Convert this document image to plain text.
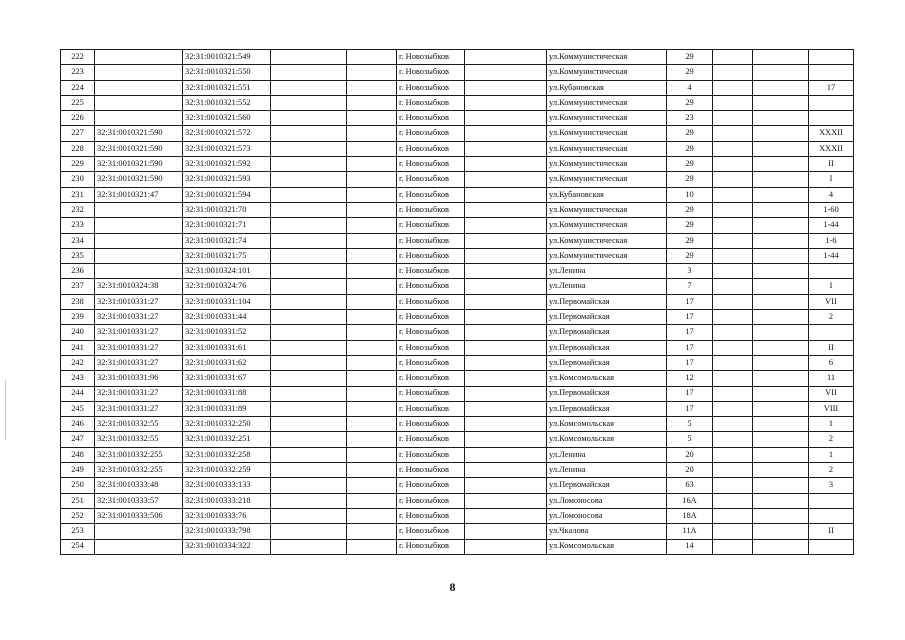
222		32:31:0010321:549			г. Новозыбков		ул.Коммунистическая	29			
223		32:31:0010321:550			г. Новозыбков		ул.Коммунистическая	29			
224		32:31:0010321:551			г. Новозыбков		ул.Кубановская	4			17
225		32:31:0010321:552			г. Новозыбков		ул.Коммунистическая	29			
226		32:31:0010321:560			г. Новозыбков		ул.Коммунистическая	23			
227	32:31:0010321:590	32:31:0010321:572			г. Новозыбков		ул.Коммунистическая	29			XXXII
228	32:31:0010321:590	32:31:0010321:573			г. Новозыбков		ул.Коммунистическая	29			XXXII
229	32:31:0010321:590	32:31:0010321:592			г. Новозыбков		ул.Коммунистическая	29			II
230	32:31:0010321:590	32:31:0010321:593			г. Новозыбков		ул.Коммунистическая	29			I
231	32:31:0010321:47	32:31:0010321:594			г. Новозыбков		ул.Кубановская	10			4
232		32:31:0010321:70			г. Новозыбков		ул.Коммунистическая	29			1-60
233		32:31:0010321:71			г. Новозыбков		ул.Коммунистическая	29			1-44
234		32:31:0010321:74			г. Новозыбков		ул.Коммунистическая	29			1-6
235		32:31:0010321:75			г. Новозыбков		ул.Коммунистическая	29			1-44
236		32:31:0010324:101			г. Новозыбков		ул.Ленина	3			
237	32:31:0010324:38	32:31:0010324:76			г. Новозыбков		ул.Ленина	7			I
238	32:31:0010331:27	32:31:0010331:104			г. Новозыбков		ул.Первомайская	17			VII
239	32:31:0010331:27	32:31:0010331:44			г. Новозыбков		ул.Первомайская	17			2
240	32:31:0010331:27	32:31:0010331:52			г. Новозыбков		ул.Первомайская	17			
241	32:31:0010331:27	32:31:0010331:61			г. Новозыбков		ул.Первомайская	17			II
242	32:31:0010331:27	32:31:0010331:62			г. Новозыбков		ул.Первомайская	17			6
243	32:31:0010331:96	32:31:0010331:67			г. Новозыбков		ул.Комсомольская	12			11
244	32:31:0010331:27	32:31:0010331:88			г. Новозыбков		ул.Первомайская	17			VII
245	32:31:0010331:27	32:31:0010331:89			г. Новозыбков		ул.Первомайская	17			VIII
246	32:31:0010332:55	32:31:0010332:250			г. Новозыбков		ул.Комсомольская	5			1
247	32:31:0010332:55	32:31:0010332:251			г. Новозыбков		ул.Комсомольская	5			2
248	32:31:0010332:255	32:31:0010332:258			г. Новозыбков		ул.Ленина	20			1
249	32:31:0010332:255	32:31:0010332:259			г. Новозыбков		ул.Ленина	20			2
250	32:31:0010333:48	32:31:0010333:133			г. Новозыбков		ул.Первомайская	63			3
251	32:31:0010333:57	32:31:0010333:218			г. Новозыбков		ул.Ломоносова	16А			
252	32:31:0010333:506	32:31:0010333:76			г. Новозыбков		ул.Ломоносова	18А			
253		32:31:0010333:798			г. Новозыбков		ул.Чкалова	11А			II
254		32:31:0010334:322			г. Новозыбков		ул.Комсомольская	14			
8
